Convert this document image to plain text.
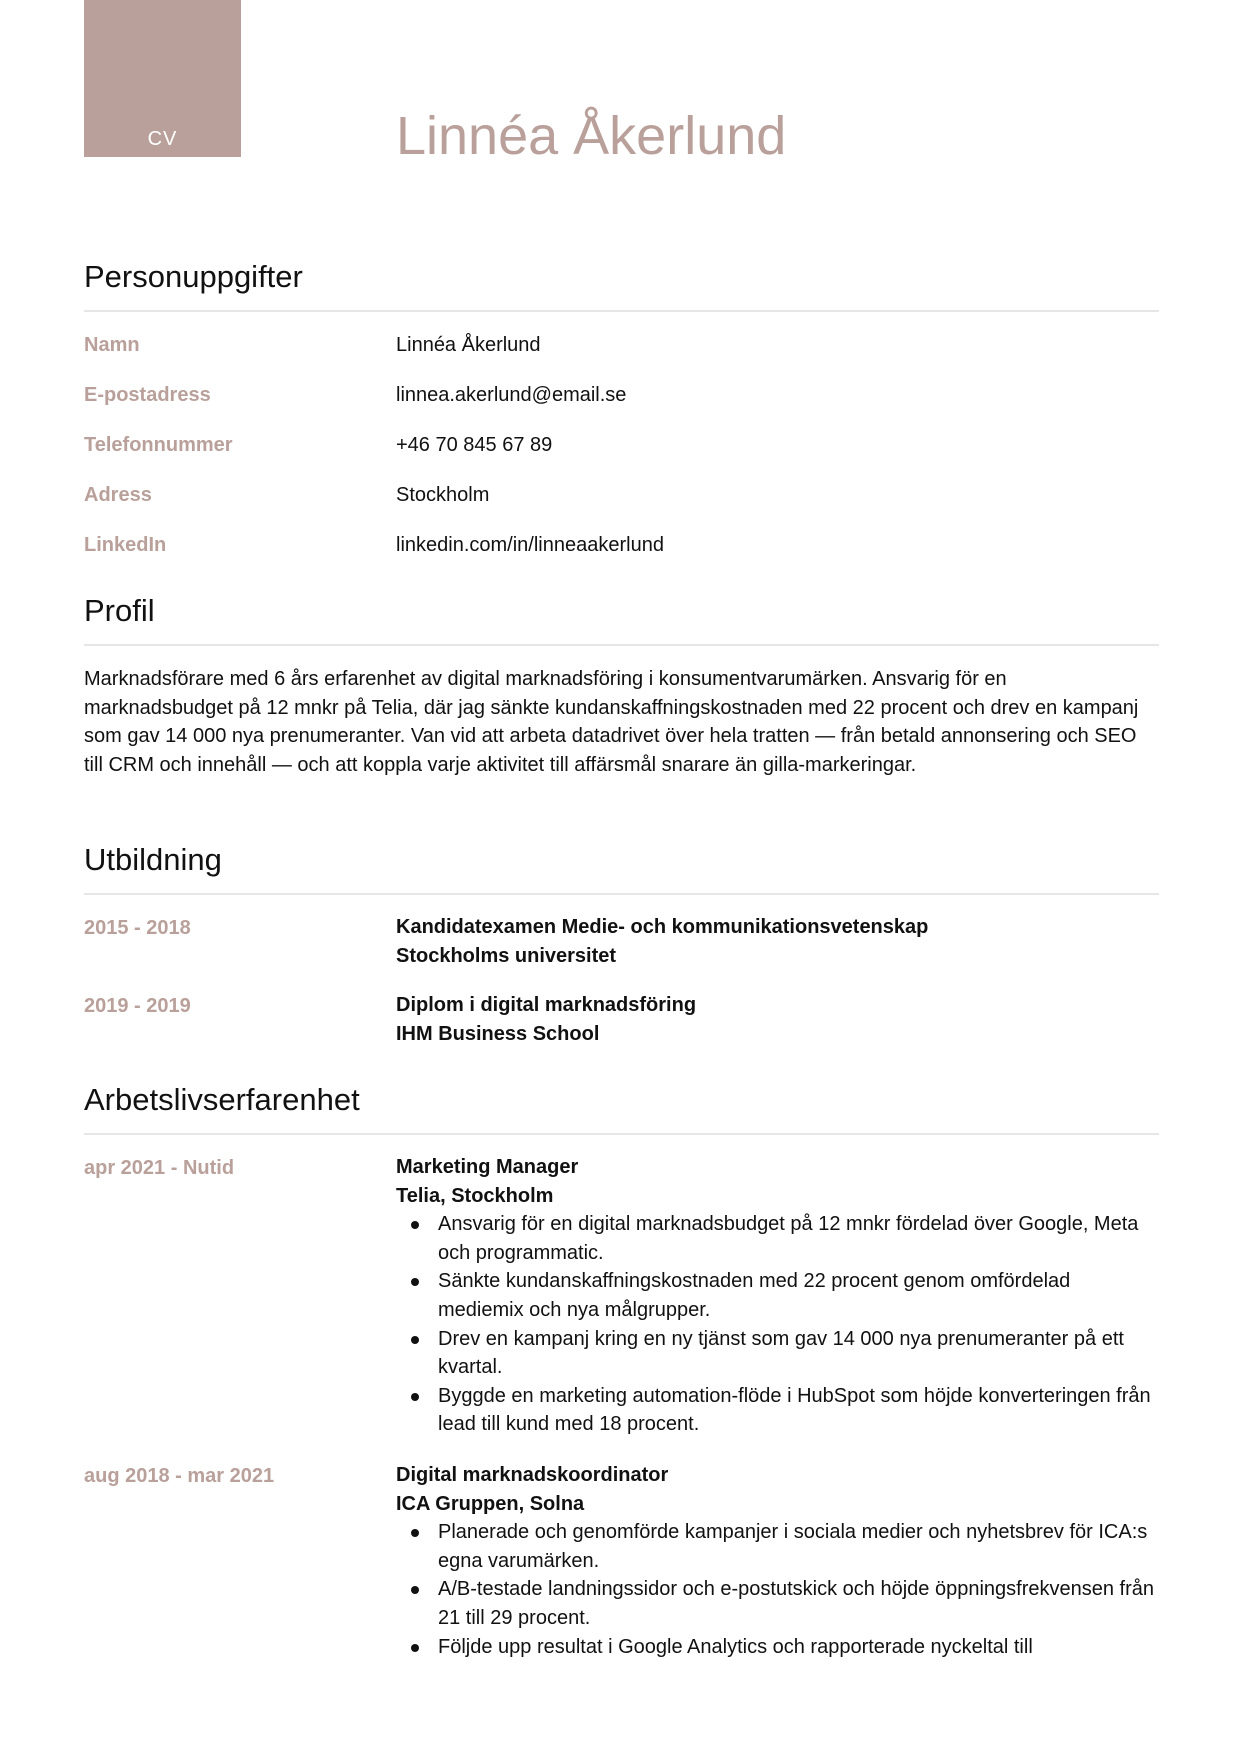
CV	Linnéa Åkerlund
Personuppgifter
Namn	Linnéa Åkerlund
E-postadress	linnea.akerlund@email.se
Telefonnummer	+46 70 845 67 89
Adress	Stockholm
LinkedIn	linkedin.com/in/linneaakerlund
Profil

Marknadsförare med 6 års erfarenhet av digital marknadsföring i konsumentvarumärken. Ansvarig för en marknadsbudget på 12 mnkr på Telia, där jag sänkte kundanskaffningskostnaden med 22 procent och drev en kampanj som gav 14 000 nya prenumeranter. Van vid att arbeta datadrivet över hela tratten — från betald annonsering och SEO till CRM och innehåll — och att koppla varje aktivitet till affärsmål snarare än gilla-markeringar.

Utbildning
2015 - 2018	Kandidatexamen Medie- och kommunikationsvetenskap
Stockholms universitet
2019 - 2019	Diplom i digital marknadsföring
IHM Business School
Arbetslivserfarenhet
apr 2021 - Nutid	Marketing Manager
Telia, Stockholm
Ansvarig för en digital marknadsbudget på 12 mnkr fördelad över Google, Meta och programmatic.
Sänkte kundanskaffningskostnaden med 22 procent genom omfördelad mediemix och nya målgrupper.
Drev en kampanj kring en ny tjänst som gav 14 000 nya prenumeranter på ett kvartal.
Byggde en marketing automation-flöde i HubSpot som höjde konverteringen från lead till kund med 18 procent.
aug 2018 - mar 2021	Digital marknadskoordinator
ICA Gruppen, Solna
Planerade och genomförde kampanjer i sociala medier och nyhetsbrev för ICA:s egna varumärken.
A/B-testade landningssidor och e-postutskick och höjde öppningsfrekvensen från 21 till 29 procent.
Följde upp resultat i Google Analytics och rapporterade nyckeltal till
